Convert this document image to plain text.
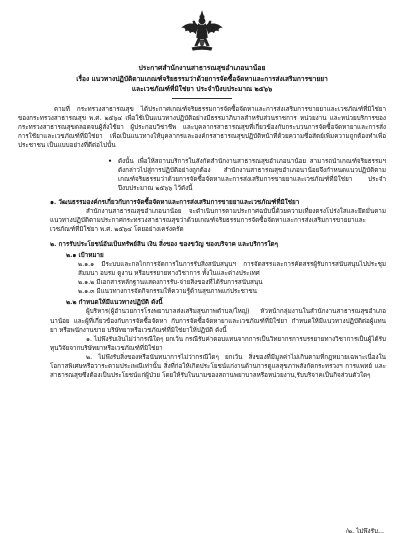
ประกาศสำนักงานสาธารณสุขอำเภอนาน้อย
เรื่อง แนวทางปฏิบัติตามเกณฑ์จริยธรรมว่าด้วยการจัดซื้อจัดหาและการส่งเสริมการขายยา
และเวชภัณฑ์ที่มิใช่ยา ประจำปีงบประมาณ ๒๕๖๖

ตามที่ กระทรวงสาธารณสุข ได้ประกาศเกณฑ์จริยธรรมการจัดซื้อจัดหาและการส่งเสริมการขายยาและเวชภัณฑ์ที่มิใช่ยาของกระทรวงสาธารณสุข พ.ศ. ๒๕๖๔ เพื่อใช้เป็นแนวทางปฏิบัติอย่างมีธรรมาภิบาลสำหรับส่วนราชการ หน่วยงาน และหน่วยบริการของกระทรวงสาธารณสุขตลอดจนผู้สั่งใช้ยา ผู้ประกอบวิชาชีพ และบุคลากรสาธารณสุขที่เกี่ยวข้องกับกระบวนการจัดซื้อจัดหายาและการสั่งการใช้ยาและเวชภัณฑ์ที่มิใช่ยา เพื่อเป็นแนวทางให้บุคลากรและองค์กรสาธารณสุขปฏิบัติหน้าที่ด้วยความซื่อสัตย์เพิ่มความถูกต้องทำเพื่อประชาชน เป็นแบบอย่างที่ดีต่อไปนั้น

• ดังนั้น เพื่อให้สถานบริการในสังกัดสำนักงานสาธารณสุขอำเภอนาน้อย สามารถนำเกณฑ์จริยธรรมฯดังกล่าวไปสู่การปฏิบัติอย่างถูกต้อง สำนักงานสาธารณสุขอำเภอนาน้อยจึงกำหนดแนวปฏิบัติตามเกณฑ์จริยธรรมว่าด้วยการจัดซื้อจัดหาและการส่งเสริมการขายยาและเวชภัณฑ์ที่มิใช่ยา ประจำปีงบประมาณ ๒๕๖๖ ไว้ดังนี้
๑. วัฒนธรรมองค์กรเกี่ยวกับการจัดซื้อจัดหาและการส่งเสริมการขายยาและเวชภัณฑ์ที่มิใช่ยา

สำนักงานสาธารณสุขอำเภอนาน้อย จะดำเนินการตามประกาศฉบับนี้ด้วยความเที่ยงตรงโปร่งใสและยึดมั่นตามแนวทางปฏิบัติตามประกาศกระทรวงสาธารณสุขว่าด้วยเกณฑ์จริยธรรมการจัดซื้อจัดหาและการส่งเสริมการขายยาและเวชภัณฑ์ที่มิใช่ยา พ.ศ. ๒๕๖๔ โดยอย่างเคร่งครัด

๒. การรับประโยชน์อันเป็นทรัพย์สิน เงิน สิ่งของ ของขวัญ ของบริจาค และบริการใดๆ
๒.๑ เป้าหมาย

๒.๑.๑ มีระบบและกลไกการจัดการในการรับสิ่งสนับสนุนฯ การจัดสรรและการคัดสรรผู้รับการสนับสนุนไปประชุม สัมมนา อบรม ดูงาน หรือบรรยายทางวิชาการ ทั้งในและต่างประเทศ

๒.๑.๒ มีเอกสารหลักฐานแสดงการรับ-จ่ายสิ่งของที่ได้รับการสนับสนุน

๒.๑.๓ มีแนวทางการจัดกิจกรรมให้ความรู้ด้านสุขภาพแก่ประชาชน

๒.๒ กำหนดให้มีแนวทางปฏิบัติ ดังนี้

ผู้บริหาร(ผู้อำนวยการโรงพยาบาลส่งเสริมสุขภาพตำบล/ใหญ่) หัวหน้ากลุ่มงานในสำนักงานสาธารณสุขอำเภอนาน้อย และผู้ที่เกี่ยวข้องกับการจัดซื้อจัดหา กับการจัดซื้อจัดหายาและเวชภัณฑ์ที่มิใช่ยา กำหนดให้มีแนวทางปฏิบัติต่อผู้แทนยา หรือพนักงานขาย บริษัทยาหรือเวชภัณฑ์ที่มิใช่ยาให้ปฏิบัติ ดังนี้

๑. ไม่พึงรับเงินไม่ว่ากรณีใดๆ ยกเว้น กรณีรับค่าตอบแทนจากการเป็นวิทยากรการบรรยายทางวิชาการเป็นผู้ได้รับทุนวิจัยจากบริษัทยาหรือเวชภัณฑ์ที่มิใช่ยา

๒. ไม่พึงรับสิ่งของหรือนันทนาการไม่ว่ากรณีใดๆ ยกเว้น สิ่งของที่มีมูลค่าไม่เกินตามที่กฎหมายเฉพาะเนื่องในโอกาสพิเศษหรือวาระตามประเพณีเท่านั้น สิ่งที่ก่อให้เกิดประโยชน์แก่งานด้านการดูแลสุขภาพสังกัดกระทรวงฯ การแพทย์ และสาธารณสุขซึ่งต้องเป็นประโยชน์แก่ผู้ป่วย โดยให้รับในนามของสถานพยาบาลหรือหน่วยงาน,รับบริจาคเป็นกิจส่วนตัวใดๆ

/๒. ไม่พึงรับ...
